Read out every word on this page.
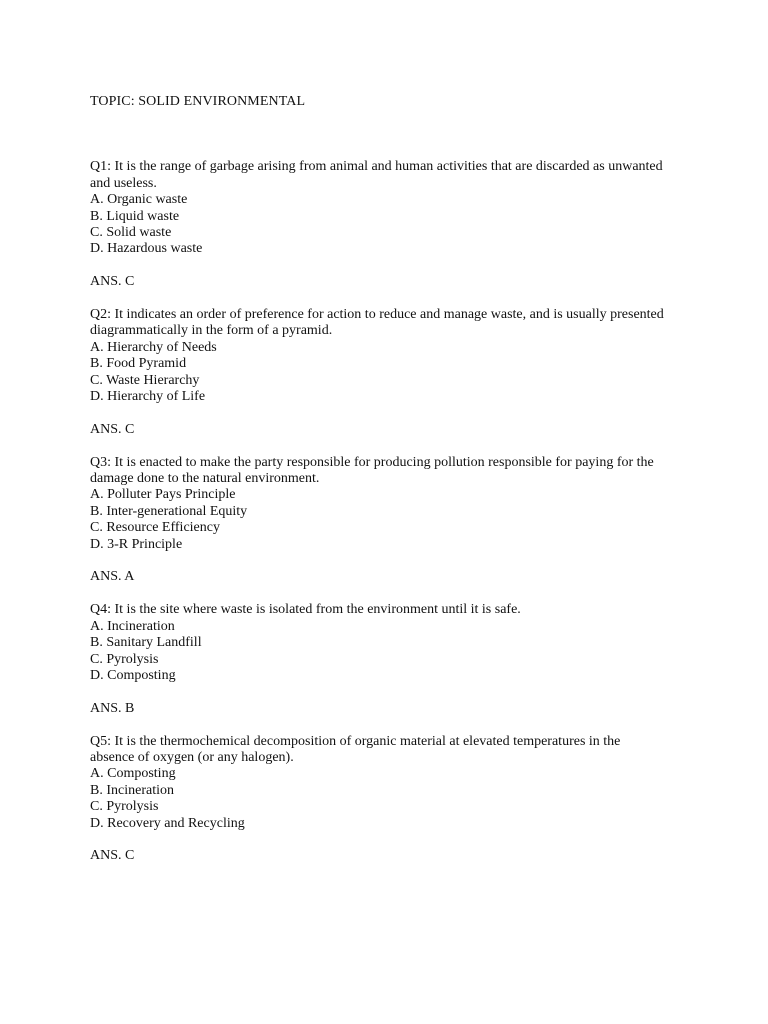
TOPIC: SOLID ENVIRONMENTAL

Q1: It is the range of garbage arising from animal and human activities that are discarded as unwanted and useless.

A. Organic waste
B. Liquid waste
C. Solid waste
D. Hazardous waste

ANS. C

Q2: It indicates an order of preference for action to reduce and manage waste, and is usually presented diagrammatically in the form of a pyramid.

A. Hierarchy of Needs
B. Food Pyramid
C. Waste Hierarchy
D. Hierarchy of Life

ANS. C

Q3: It is enacted to make the party responsible for producing pollution responsible for paying for the damage done to the natural environment.

A. Polluter Pays Principle
B. Inter-generational Equity
C. Resource Efficiency
D. 3-R Principle

ANS. A

Q4: It is the site where waste is isolated from the environment until it is safe.

A. Incineration
B. Sanitary Landfill
C. Pyrolysis
D. Composting

ANS. B

Q5: It is the thermochemical decomposition of organic material at elevated temperatures in the absence of oxygen (or any halogen).

A. Composting
B. Incineration
C. Pyrolysis
D. Recovery and Recycling

ANS. C
